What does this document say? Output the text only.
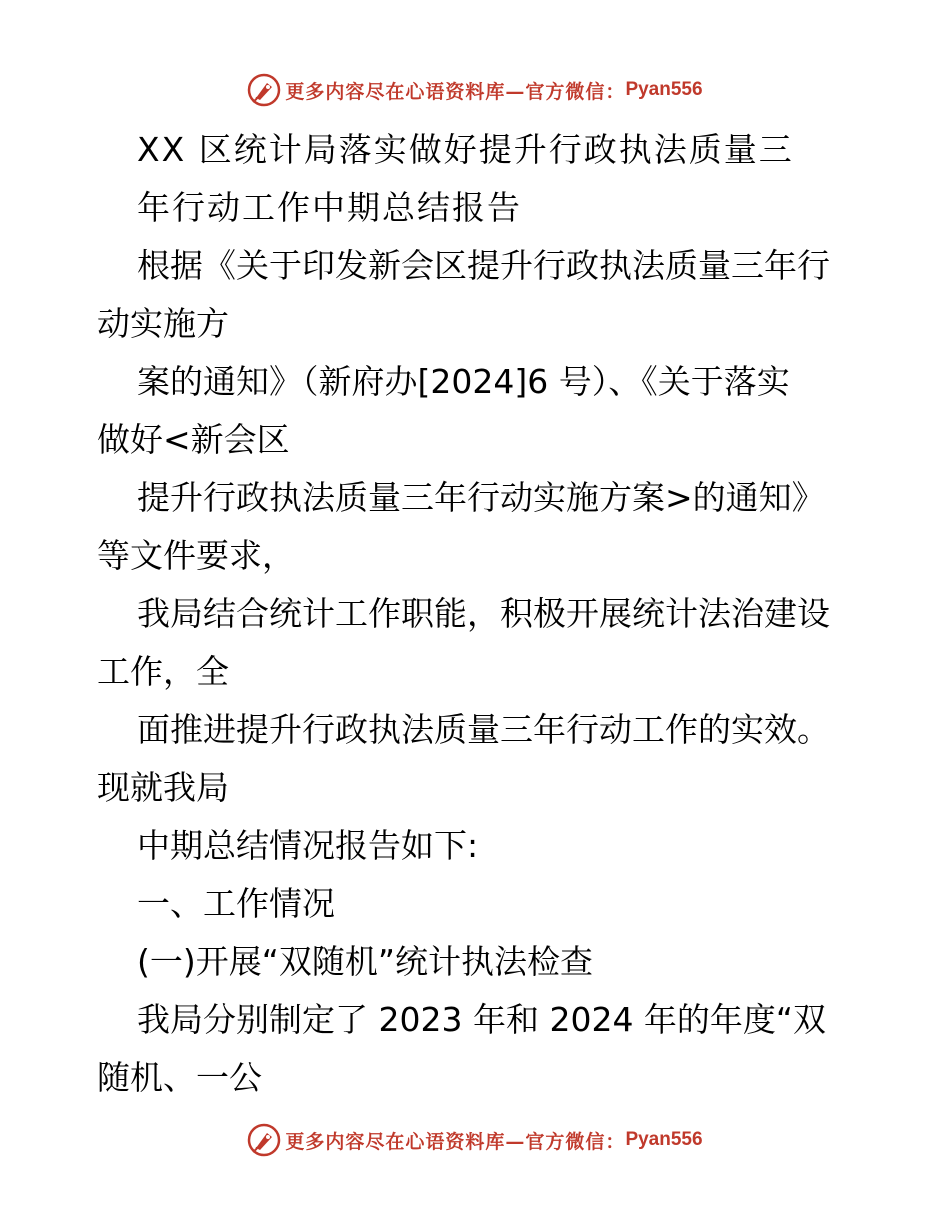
更多内容尽在心语资料库—官方微信： Pyan556
XX 区统计局落实做好提升行政执法质量三
年行动工作中期总结报告
根据《关于印发新会区提升行政执法质量三年行
动实施方
案的通知》（新府办[2024]6 号）、《关于落实
做好<新会区
提升行政执法质量三年行动实施方案>的通知》
等文件要求，
我局结合统计工作职能，积极开展统计法治建设
工作，全
面推进提升行政执法质量三年行动工作的实效。
现就我局
中期总结情况报告如下:
一、工作情况
(一)开展“双随机”统计执法检查
我局分别制定了 2023 年和 2024 年的年度“双
随机、一公
更多内容尽在心语资料库—官方微信： Pyan556
